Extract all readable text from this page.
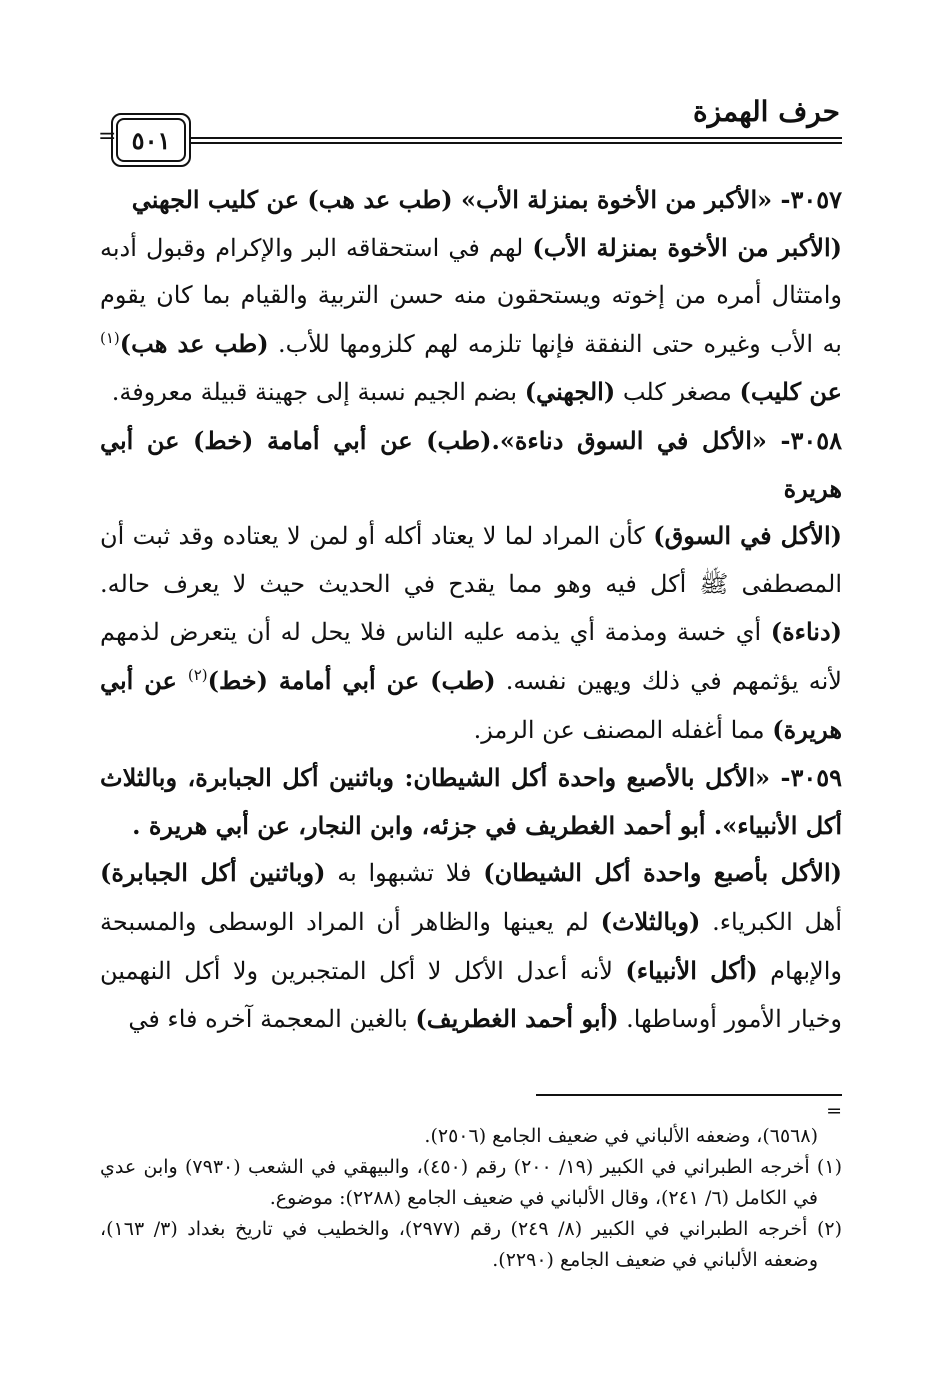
حرف الهمزة
٥٠١
=

٣٠٥٧- «الأكبر من الأخوة بمنزلة الأب» (طب عد هب) عن كليب الجهني

(الأكبر من الأخوة بمنزلة الأب) لهم في استحقاقه البر والإكرام وقبول أدبه وامتثال أمره من إخوته ويستحقون منه حسن التربية والقيام بما كان يقوم به الأب وغيره حتى النفقة فإنها تلزمه لهم كلزومها للأب. (طب عد هب)$^{(١)}$ عن كليب) مصغر كلب (الجهني) بضم الجيم نسبة إلى جهينة قبيلة معروفة.

٣٠٥٨- «الأكل في السوق دناءة».(طب) عن أبي أمامة (خط) عن أبي هريرة

(الأكل في السوق) كأن المراد لما لا يعتاد أكله أو لمن لا يعتاده وقد ثبت أن المصطفى ﷺ أكل فيه وهو مما يقدح في الحديث حيث لا يعرف حاله. (دناءة) أي خسة ومذمة أي يذمه عليه الناس فلا يحل له أن يتعرض لذمهم لأنه يؤثمهم في ذلك ويهين نفسه. (طب) عن أبي أمامة (خط)$^{(٢)}$ عن أبي هريرة) مما أغفله المصنف عن الرمز.

٣٠٥٩- «الأكل بالأصبع واحدة أكل الشيطان: وباثنين أكل الجبابرة، وبالثلاث أكل الأنبياء». أبو أحمد الغطريف في جزئه، وابن النجار، عن أبي هريرة .

(الأكل بأصبع واحدة أكل الشيطان) فلا تشبهوا به (وباثنين أكل الجبابرة) أهل الكبرياء. (وبالثلاث) لم يعينها والظاهر أن المراد الوسطى والمسبحة والإبهام (أكل الأنبياء) لأنه أعدل الأكل لا أكل المتجبرين ولا أكل النهمين وخيار الأمور أوساطها. (أبو أحمد الغطريف) بالغين المعجمة آخره فاء في

=

(٦٥٦٨)، وضعفه الألباني في ضعيف الجامع (٢٥٠٦).

(١) أخرجه الطبراني في الكبير (١٩/ ٢٠٠) رقم (٤٥٠)، والبيهقي في الشعب (٧٩٣٠) وابن عدي في الكامل (٦/ ٢٤١)، وقال الألباني في ضعيف الجامع (٢٢٨٨): موضوع.

(٢) أخرجه الطبراني في الكبير (٨/ ٢٤٩) رقم (٢٩٧٧)، والخطيب في تاريخ بغداد (٣/ ١٦٣)، وضعفه الألباني في ضعيف الجامع (٢٢٩٠).
